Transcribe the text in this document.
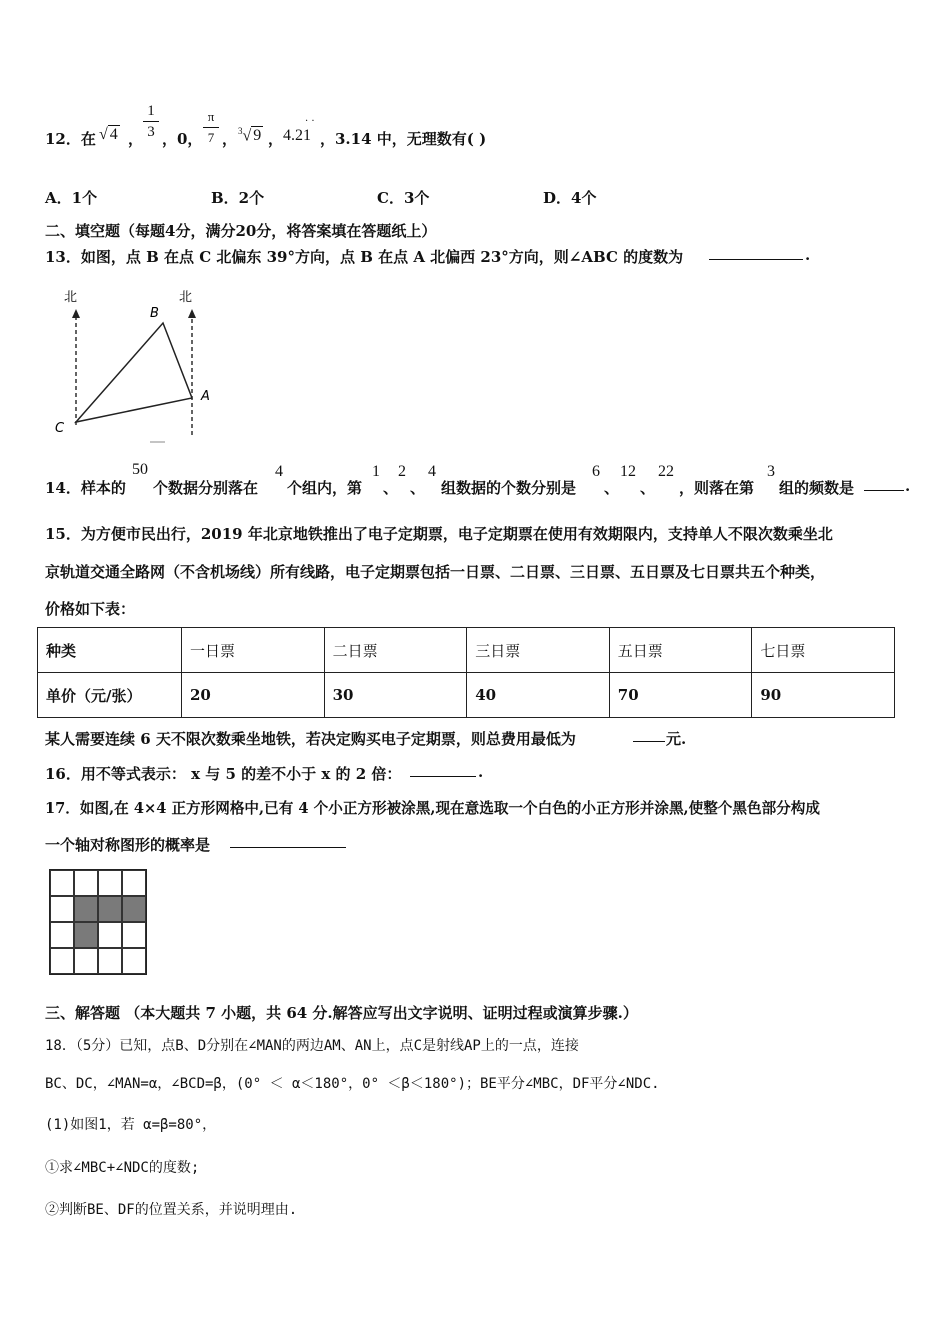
12．在 √ 4 ，
1
3 ，0，
π
7 ， $^3$√ 9 ， 4.21
. .
，3.14 中，无理数有( )
A．1个	B．2个	C．3个	D．4个
二、填空题（每题4分，满分20分，将答案填在答题纸上）
13．如图，点 B 在点 C 北偏东 39°方向，点 B 在点 A 北偏西 23°方向，则∠ABC 的度数为	.
北	北
B
A
C
14．样本的
50
个数据分别落在
4
个组内，第
1
、
2
、
4
组数据的个数分别是
6
、
12
、
22
，则落在第
3
组的频数是	.
15．为方便市民出行，2019 年北京地铁推出了电子定期票，电子定期票在使用有效期限内，支持单人不限次数乘坐北
京轨道交通全路网（不含机场线）所有线路，电子定期票包括一日票、二日票、三日票、五日票及七日票共五个种类，
价格如下表：
种类	一日票	二日票	三日票	五日票	七日票
单价（元/张）	20	30	40	70	90
某人需要连续 6 天不限次数乘坐地铁，若决定购买电子定期票，则总费用最低为	元.
16．用不等式表示： x 与 5 的差不小于 x 的 2 倍：	.
17．如图,在 4×4 正方形网格中,已有 4 个小正方形被涂黑,现在意选取一个白色的小正方形并涂黑,使整个黑色部分构成
一个轴对称图形的概率是
三、解答题 （本大题共 7 小题，共 64 分.解答应写出文字说明、证明过程或演算步骤.）
18．（5分）已知，点B、D分别在∠MAN的两边AM、AN上，点C是射线AP上的一点，连接
BC、DC，∠MAN=α，∠BCD=β，(0° ＜ α＜180°，0° ＜β＜180°)；BE平分∠MBC，DF平分∠NDC.
(1)如图1，若 α=β=80°，
①求∠MBC+∠NDC的度数;
②判断BE、DF的位置关系，并说明理由.
